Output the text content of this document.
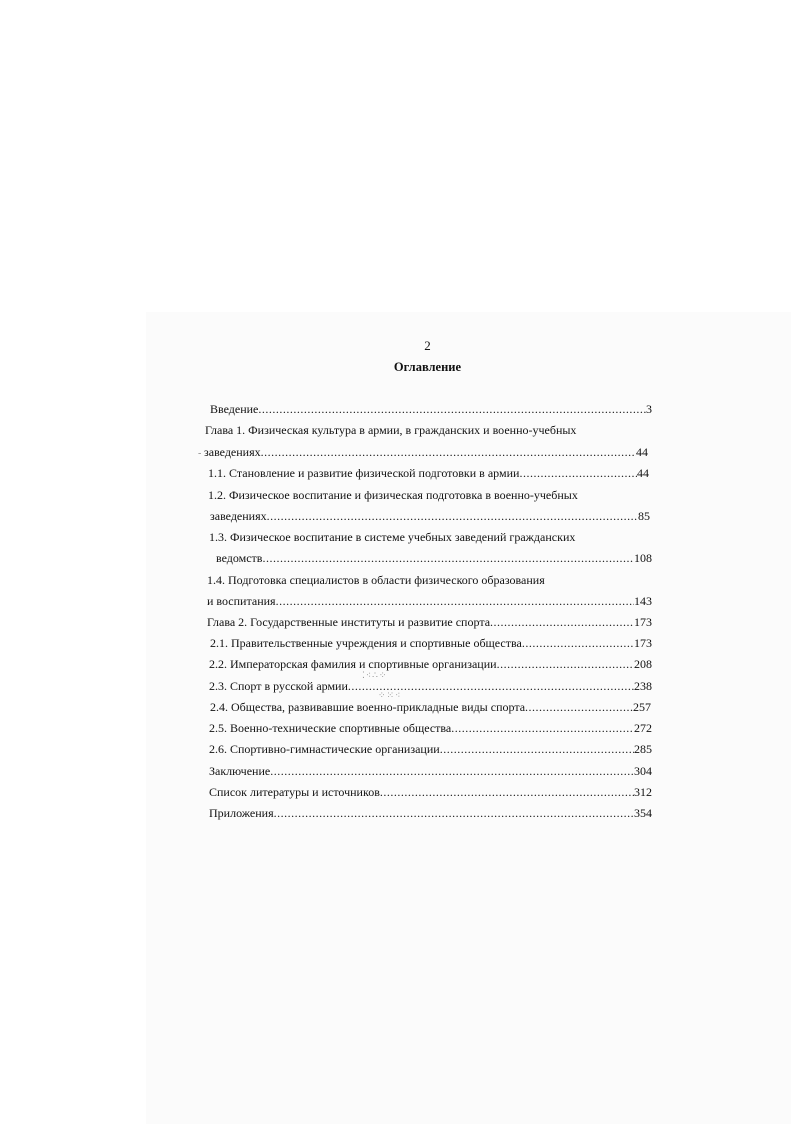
2
Оглавление
Введение .....	3
Глава 1. Физическая культура в армии, в гражданских и военно-учебных
заведениях .....	44
1.1. Становление и развитие физической подготовки в армии .....	44
1.2. Физическое воспитание и физическая подготовка в военно-учебных
заведениях .....	85
1.3. Физическое воспитание в системе учебных заведений гражданских
ведомств .....	108
1.4. Подготовка специалистов в области физического образования
и воспитания .....	143
Глава 2. Государственные институты и развитие спорта .....	173
2.1. Правительственные учреждения и спортивные общества .....	173
2.2. Императорская фамилия и спортивные организации .....	208
2.3. Спорт в русской армии .....	238
2.4. Общества, развивавшие военно-прикладные виды спорта .....	257
2.5. Военно-технические спортивные общества .....	272
2.6. Спортивно-гимнастические организации .....	285
Заключение .....	304
Список литературы и источников .....	312
Приложения .....	354
⁚⁖∴⁘
⁘⁙⁖
‐
